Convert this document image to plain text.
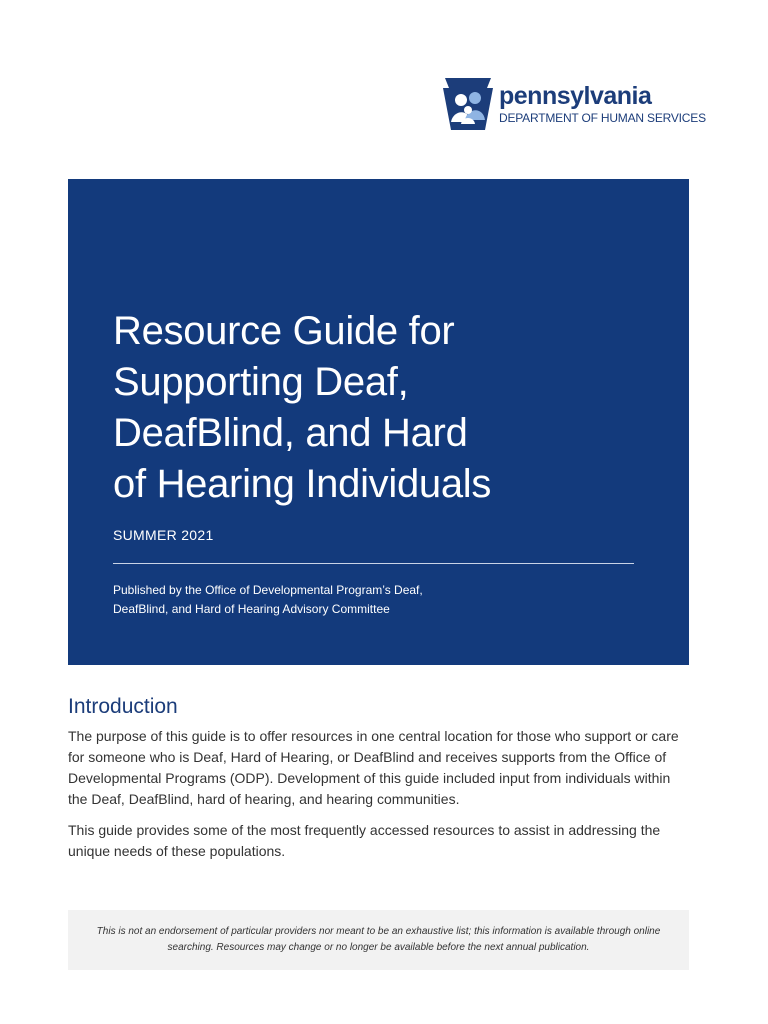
pennsylvania
DEPARTMENT OF HUMAN SERVICES
Resource Guide for
Supporting Deaf,
DeafBlind, and Hard
of Hearing Individuals
SUMMER 2021
Published by the Office of Developmental Program’s Deaf,
DeafBlind, and Hard of Hearing Advisory Committee
Introduction

The purpose of this guide is to offer resources in one central location for those who support or care for someone who is Deaf, Hard of Hearing, or DeafBlind and receives supports from the Office of Developmental Programs (ODP). Development of this guide included input from individuals within the Deaf, DeafBlind, hard of hearing, and hearing communities.

This guide provides some of the most frequently accessed resources to assist in addressing the unique needs of these populations.

This is not an endorsement of particular providers nor meant to be an exhaustive list; this information is available through online searching. Resources may change or no longer be available before the next annual publication.
